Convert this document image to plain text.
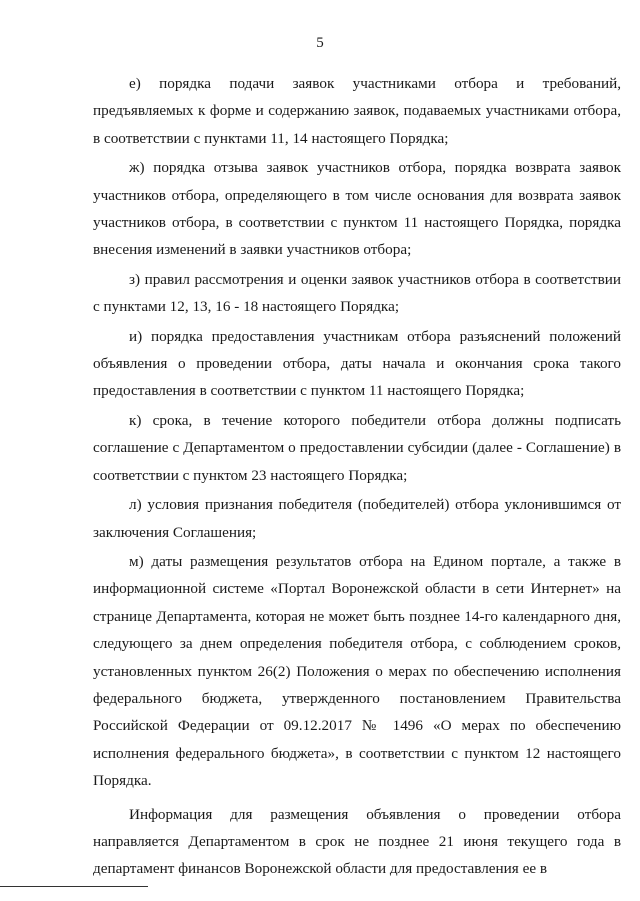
5

е) порядка подачи заявок участниками отбора и требований, предъявляемых к форме и содержанию заявок, подаваемых участниками отбора, в соответствии с пунктами 11, 14 настоящего Порядка;

ж) порядка отзыва заявок участников отбора, порядка возврата заявок участников отбора, определяющего в том числе основания для возврата заявок участников отбора, в соответствии с пунктом 11 настоящего Порядка, порядка внесения изменений в заявки участников отбора;

з) правил рассмотрения и оценки заявок участников отбора в соответствии с пунктами 12, 13, 16 - 18 настоящего Порядка;

и) порядка предоставления участникам отбора разъяснений положений объявления о проведении отбора, даты начала и окончания срока такого предоставления в соответствии с пунктом 11 настоящего Порядка;

к) срока, в течение которого победители отбора должны подписать соглашение с Департаментом о предоставлении субсидии (далее - Соглашение) в соответствии с пунктом 23 настоящего Порядка;

л) условия признания победителя (победителей) отбора уклонившимся от заключения Соглашения;

м) даты размещения результатов отбора на Едином портале, а также в информационной системе «Портал Воронежской области в сети Интернет» на странице Департамента, которая не может быть позднее 14-го календарного дня, следующего за днем определения победителя отбора, с соблюдением сроков, установленных пунктом 26(2) Положения о мерах по обеспечению исполнения федерального бюджета, утвержденного постановлением Правительства Российской Федерации от 09.12.2017 № 1496 «О мерах по обеспечению исполнения федерального бюджета», в соответствии с пунктом 12 настоящего Порядка.

Информация для размещения объявления о проведении отбора направляется Департаментом в срок не позднее 21 июня текущего года в департамент финансов Воронежской области для предоставления ее в
